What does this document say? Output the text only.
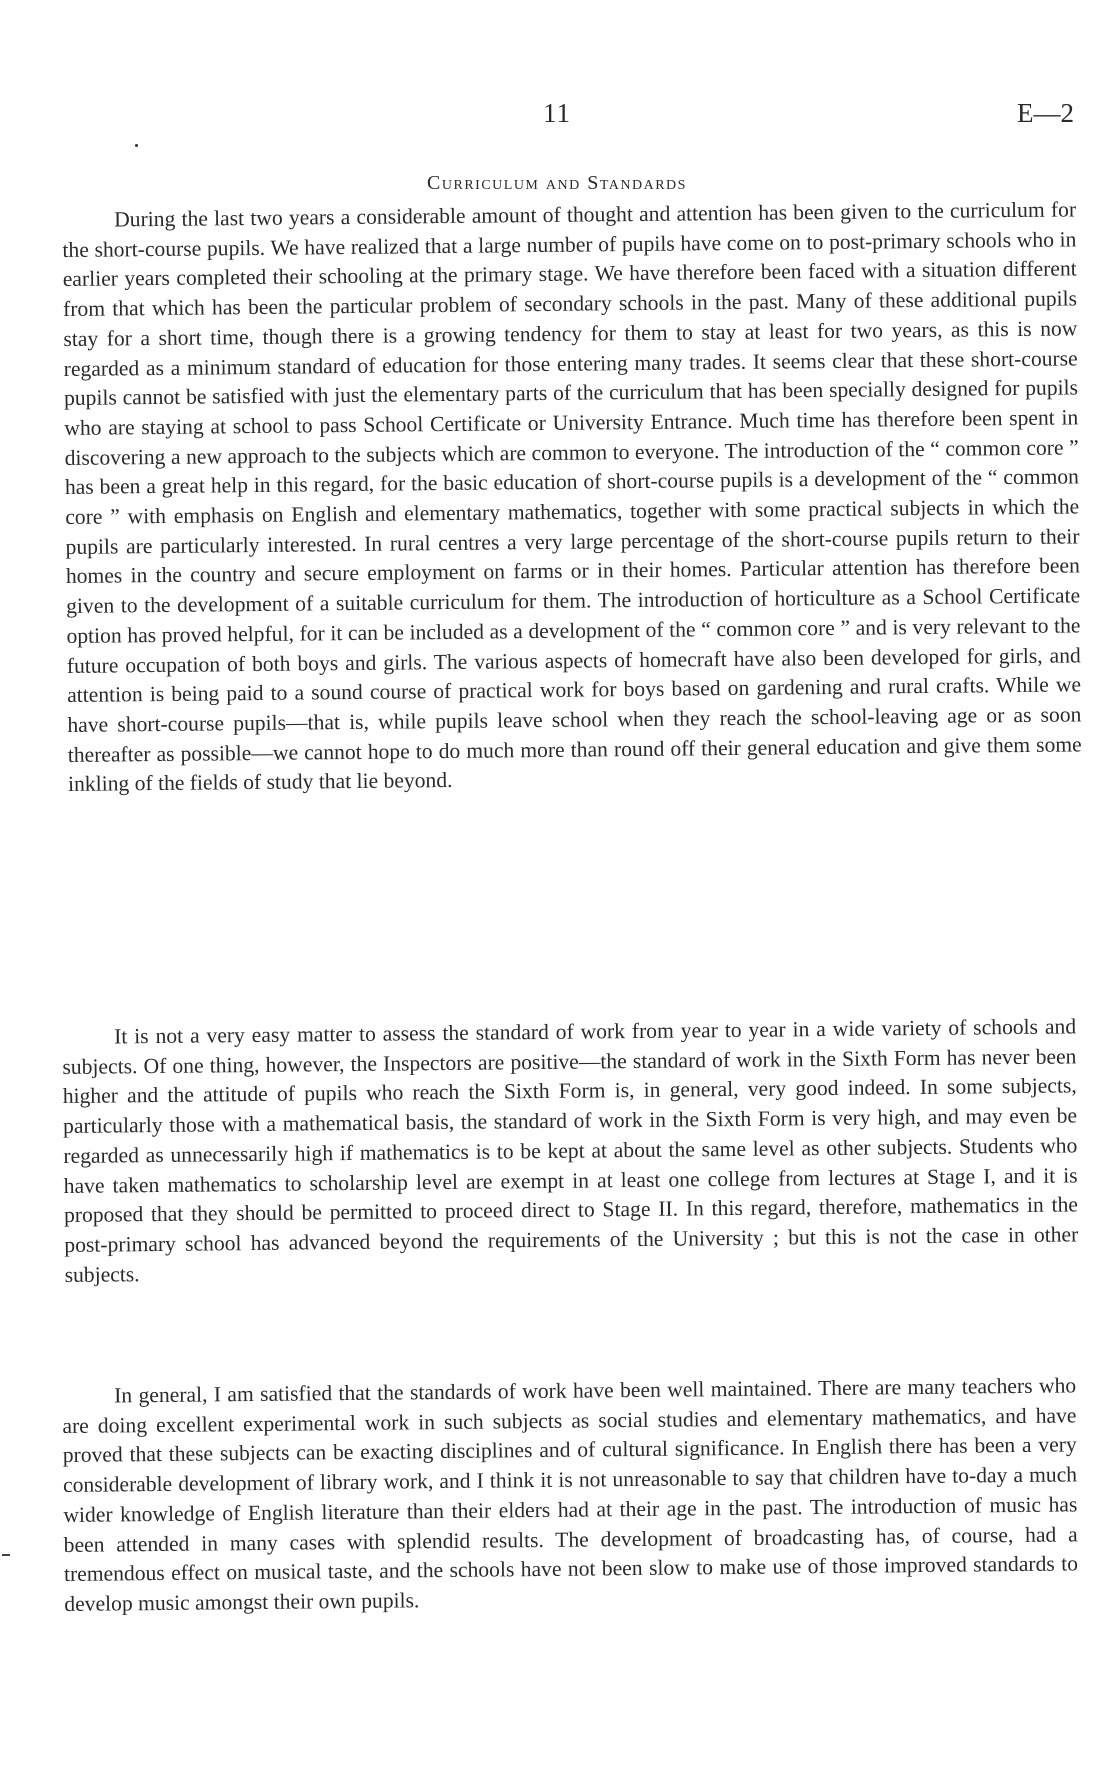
11	E—2
Curriculum and Standards

During the last two years a considerable amount of thought and attention has been given to the curriculum for the short-course pupils. We have realized that a large number of pupils have come on to post-primary schools who in earlier years completed their schooling at the primary stage. We have therefore been faced with a situation different from that which has been the particular problem of secondary schools in the past. Many of these additional pupils stay for a short time, though there is a growing tendency for them to stay at least for two years, as this is now regarded as a minimum standard of education for those entering many trades. It seems clear that these short-course pupils cannot be satisfied with just the elementary parts of the curriculum that has been specially designed for pupils who are staying at school to pass School Certificate or University Entrance. Much time has therefore been spent in discovering a new approach to the subjects which are common to everyone. The introduction of the “ common core ” has been a great help in this regard, for the basic education of short-course pupils is a development of the “ common core ” with emphasis on English and elementary mathematics, together with some practical subjects in which the pupils are particularly interested. In rural centres a very large percentage of the short-course pupils return to their homes in the country and secure employment on farms or in their homes. Particular attention has therefore been given to the development of a suitable curriculum for them. The introduction of horticulture as a School Certificate option has proved helpful, for it can be included as a development of the “ common core ” and is very relevant to the future occupation of both boys and girls. The various aspects of homecraft have also been developed for girls, and attention is being paid to a sound course of practical work for boys based on gardening and rural crafts. While we have short-course pupils—that is, while pupils leave school when they reach the school-leaving age or as soon thereafter as possible—we cannot hope to do much more than round off their general education and give them some inkling of the fields of study that lie beyond.

It is not a very easy matter to assess the standard of work from year to year in a wide variety of schools and subjects. Of one thing, however, the Inspectors are positive—the standard of work in the Sixth Form has never been higher and the attitude of pupils who reach the Sixth Form is, in general, very good indeed. In some subjects, particularly those with a mathematical basis, the standard of work in the Sixth Form is very high, and may even be regarded as unnecessarily high if mathematics is to be kept at about the same level as other subjects. Students who have taken mathematics to scholarship level are exempt in at least one college from lectures at Stage I, and it is proposed that they should be permitted to proceed direct to Stage II. In this regard, therefore, mathematics in the post-primary school has advanced beyond the requirements of the University ; but this is not the case in other subjects.

In general, I am satisfied that the standards of work have been well maintained. There are many teachers who are doing excellent experimental work in such subjects as social studies and elementary mathematics, and have proved that these subjects can be exacting disciplines and of cultural significance. In English there has been a very considerable development of library work, and I think it is not unreasonable to say that children have to-day a much wider knowledge of English literature than their elders had at their age in the past. The introduction of music has been attended in many cases with splendid results. The development of broadcasting has, of course, had a tremendous effect on musical taste, and the schools have not been slow to make use of those improved standards to develop music amongst their own pupils.
